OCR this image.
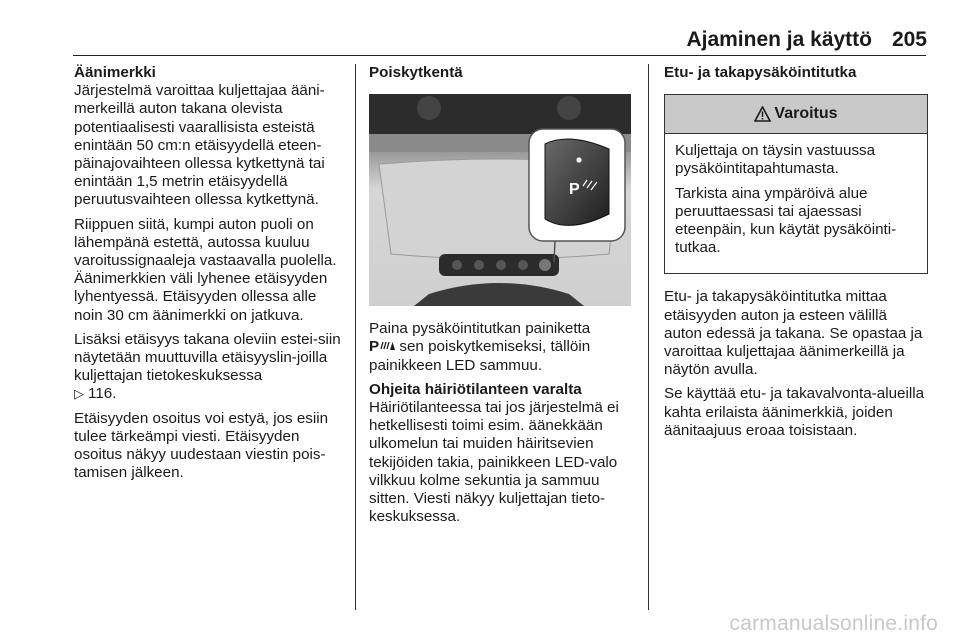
Ajaminen ja käyttö 205
Äänimerkki

Järjestelmä varoittaa kuljettajaa ääni-merkeillä auton takana olevista potentiaalisesti vaarallisista esteistä enintään 50 cm:n etäisyydellä eteen-päinajovaihteen ollessa kytkettynä tai enintään 1,5 metrin etäisyydellä peruutusvaihteen ollessa kytkettynä.

Riippuen siitä, kumpi auton puoli on lähempänä estettä, autossa kuuluu varoitussignaaleja vastaavalla puolella. Äänimerkkien väli lyhenee etäisyyden lyhentyessä. Etäisyyden ollessa alle noin 30 cm äänimerkki on jatkuva.

Lisäksi etäisyys takana oleviin estei-siin näytetään muuttuvilla etäisyyslin-joilla kuljettajan tietokeskuksessa
▷ 116.

Etäisyyden osoitus voi estyä, jos esiin tulee tärkeämpi viesti. Etäisyyden osoitus näkyy uudestaan viestin pois-tamisen jälkeen.

Poiskytkentä
P

Paina pysäköintitutkan painiketta
P sen poiskytkemiseksi, tällöin painikkeen LED sammuu.

Ohjeita häiriötilanteen varalta

Häiriötilanteessa tai jos järjestelmä ei hetkellisesti toimi esim. äänekkään ulkomelun tai muiden häiritsevien tekijöiden takia, painikkeen LED-valo vilkkuu kolme sekuntia ja sammuu sitten. Viesti näkyy kuljettajan tieto-keskuksessa.

Etu- ja takapysäköintitutka
Varoitus

Kuljettaja on täysin vastuussa pysäköintitapahtumasta.

Tarkista aina ympäröivä alue peruuttaessasi tai ajaessasi eteenpäin, kun käytät pysäköinti-tutkaa.

Etu- ja takapysäköintitutka mittaa etäisyyden auton ja esteen välillä auton edessä ja takana. Se opastaa ja varoittaa kuljettajaa äänimerkeillä ja näytön avulla.

Se käyttää etu- ja takavalvonta-alueilla kahta erilaista äänimerkkiä, joiden äänitaajuus eroaa toisistaan.

carmanualsonline.info
